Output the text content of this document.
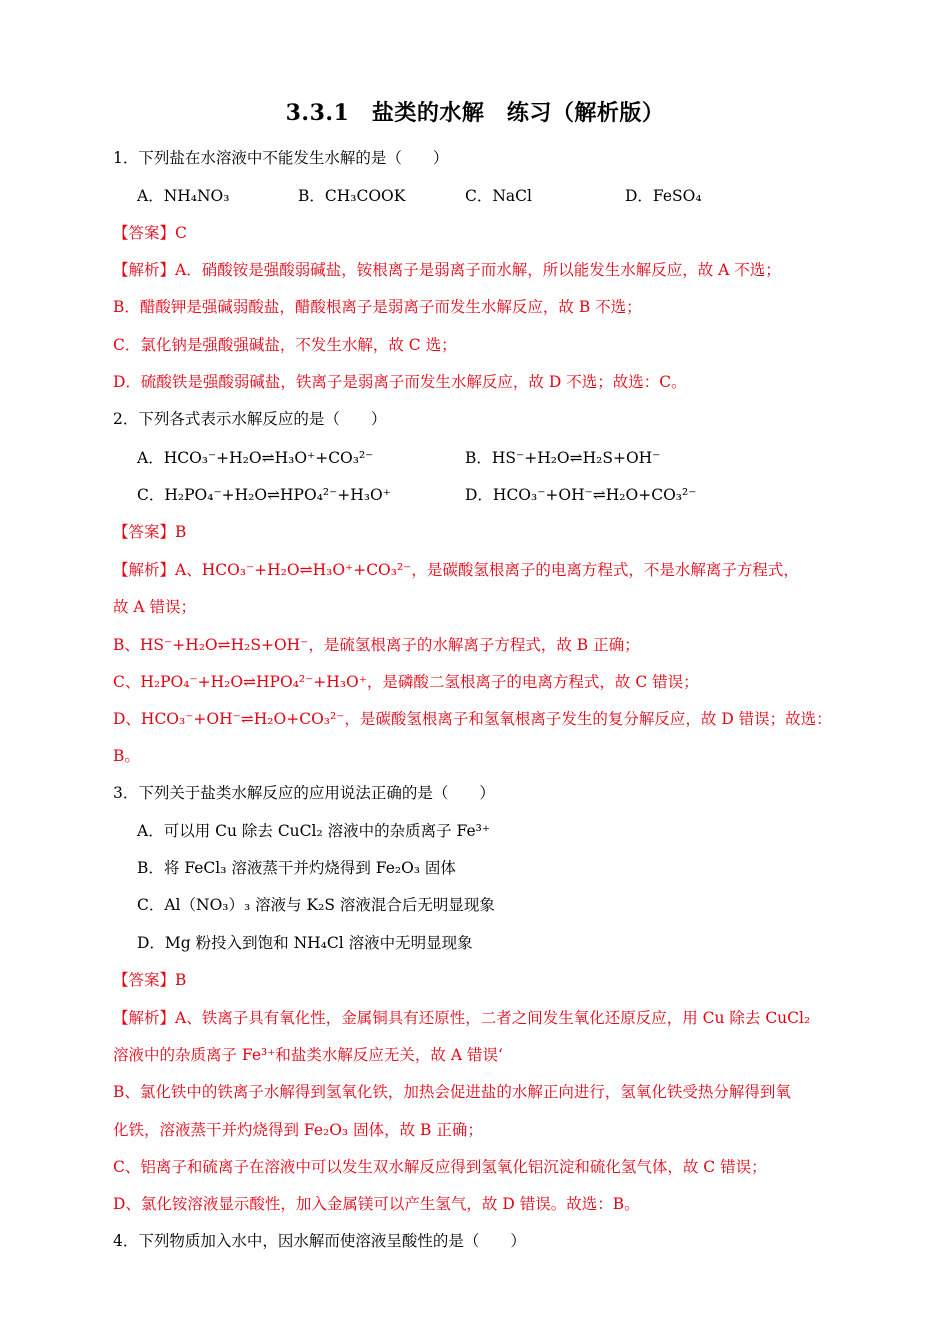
3.3.1　盐类的水解　练习（解析版）
1．下列盐在水溶液中不能发生水解的是（　　）
A．NH₄NO₃	B．CH₃COOK	C．NaCl	D．FeSO₄
【答案】C
【解析】A．硝酸铵是强酸弱碱盐，铵根离子是弱离子而水解，所以能发生水解反应，故 A 不选；
B．醋酸钾是强碱弱酸盐，醋酸根离子是弱离子而发生水解反应，故 B 不选；
C．氯化钠是强酸强碱盐，不发生水解，故 C 选；
D．硫酸铁是强酸弱碱盐，铁离子是弱离子而发生水解反应，故 D 不选；故选：C。
2．下列各式表示水解反应的是（　　）
A．HCO₃⁻+H₂O⇌H₃O⁺+CO₃²⁻	B．HS⁻+H₂O⇌H₂S+OH⁻
C．H₂PO₄⁻+H₂O⇌HPO₄²⁻+H₃O⁺	D．HCO₃⁻+OH⁻⇌H₂O+CO₃²⁻
【答案】B
【解析】A、HCO₃⁻+H₂O⇌H₃O⁺+CO₃²⁻，是碳酸氢根离子的电离方程式，不是水解离子方程式，
故 A 错误；
B、HS⁻+H₂O⇌H₂S+OH⁻，是硫氢根离子的水解离子方程式，故 B 正确；
C、H₂PO₄⁻+H₂O⇌HPO₄²⁻+H₃O⁺，是磷酸二氢根离子的电离方程式，故 C 错误；
D、HCO₃⁻+OH⁻⇌H₂O+CO₃²⁻，是碳酸氢根离子和氢氧根离子发生的复分解反应，故 D 错误；故选：
B。
3．下列关于盐类水解反应的应用说法正确的是（　　）
A．可以用 Cu 除去 CuCl₂ 溶液中的杂质离子 Fe³⁺
B．将 FeCl₃ 溶液蒸干并灼烧得到 Fe₂O₃ 固体
C．Al（NO₃）₃ 溶液与 K₂S 溶液混合后无明显现象
D．Mg 粉投入到饱和 NH₄Cl 溶液中无明显现象
【答案】B
【解析】A、铁离子具有氧化性，金属铜具有还原性，二者之间发生氧化还原反应，用 Cu 除去 CuCl₂
溶液中的杂质离子 Fe³⁺和盐类水解反应无关，故 A 错误‘
B、氯化铁中的铁离子水解得到氢氧化铁，加热会促进盐的水解正向进行，氢氧化铁受热分解得到氧
化铁，溶液蒸干并灼烧得到 Fe₂O₃ 固体，故 B 正确；
C、铝离子和硫离子在溶液中可以发生双水解反应得到氢氧化铝沉淀和硫化氢气体，故 C 错误；
D、氯化铵溶液显示酸性，加入金属镁可以产生氢气，故 D 错误。故选：B。
4．下列物质加入水中，因水解而使溶液呈酸性的是（　　）
